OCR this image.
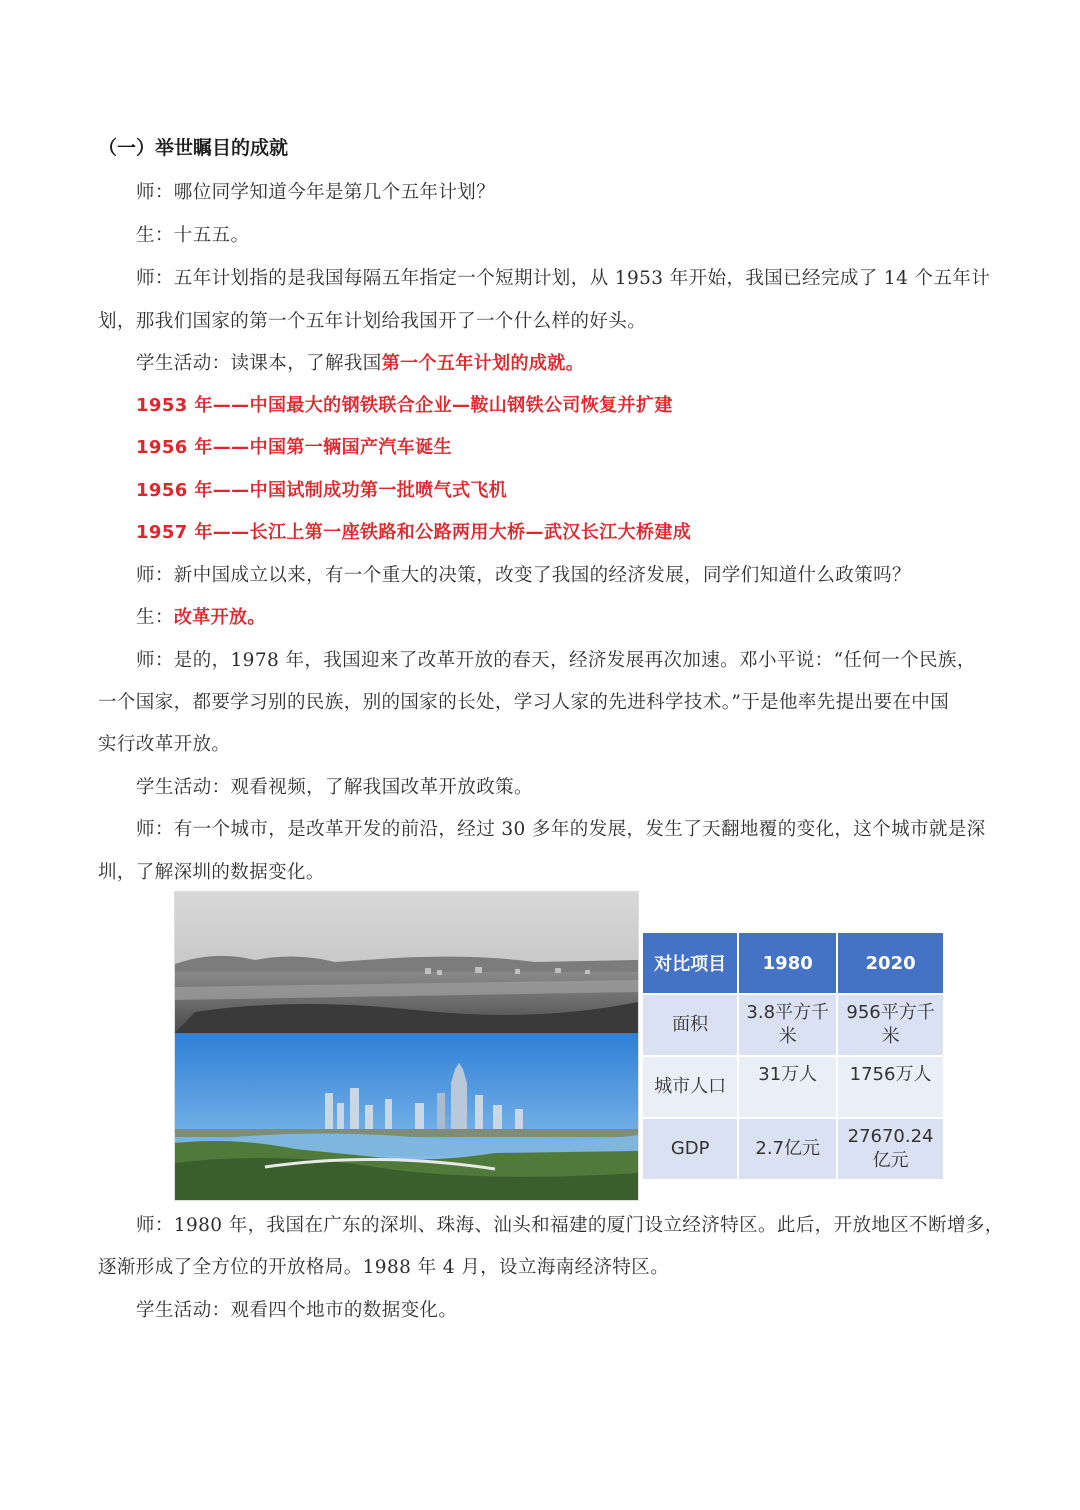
（一）举世瞩目的成就
师：哪位同学知道今年是第几个五年计划？
生：十五五。
师：五年计划指的是我国每隔五年指定一个短期计划，从 1953 年开始，我国已经完成了 14 个五年计
划，那我们国家的第一个五年计划给我国开了一个什么样的好头。
学生活动：读课本，了解我国第一个五年计划的成就。
1953 年——中国最大的钢铁联合企业—鞍山钢铁公司恢复并扩建
1956 年——中国第一辆国产汽车诞生
1956 年——中国试制成功第一批喷气式飞机
1957 年——长江上第一座铁路和公路两用大桥—武汉长江大桥建成
师：新中国成立以来，有一个重大的决策，改变了我国的经济发展，同学们知道什么政策吗？
生：改革开放。
师：是的，1978 年，我国迎来了改革开放的春天，经济发展再次加速。邓小平说：“任何一个民族，
一个国家，都要学习别的民族，别的国家的长处，学习人家的先进科学技术。”于是他率先提出要在中国
实行改革开放。
学生活动：观看视频，了解我国改革开放政策。
师：有一个城市，是改革开发的前沿，经过 30 多年的发展，发生了天翻地覆的变化，这个城市就是深
圳，了解深圳的数据变化。
对比项目	1980	2020
面积	3.8平方千米	956平方千米
城市人口	31万人	1756万人
GDP	2.7亿元	27670.24亿元
师：1980 年，我国在广东的深圳、珠海、汕头和福建的厦门设立经济特区。此后，开放地区不断增多，
逐渐形成了全方位的开放格局。1988 年 4 月，设立海南经济特区。
学生活动：观看四个地市的数据变化。
